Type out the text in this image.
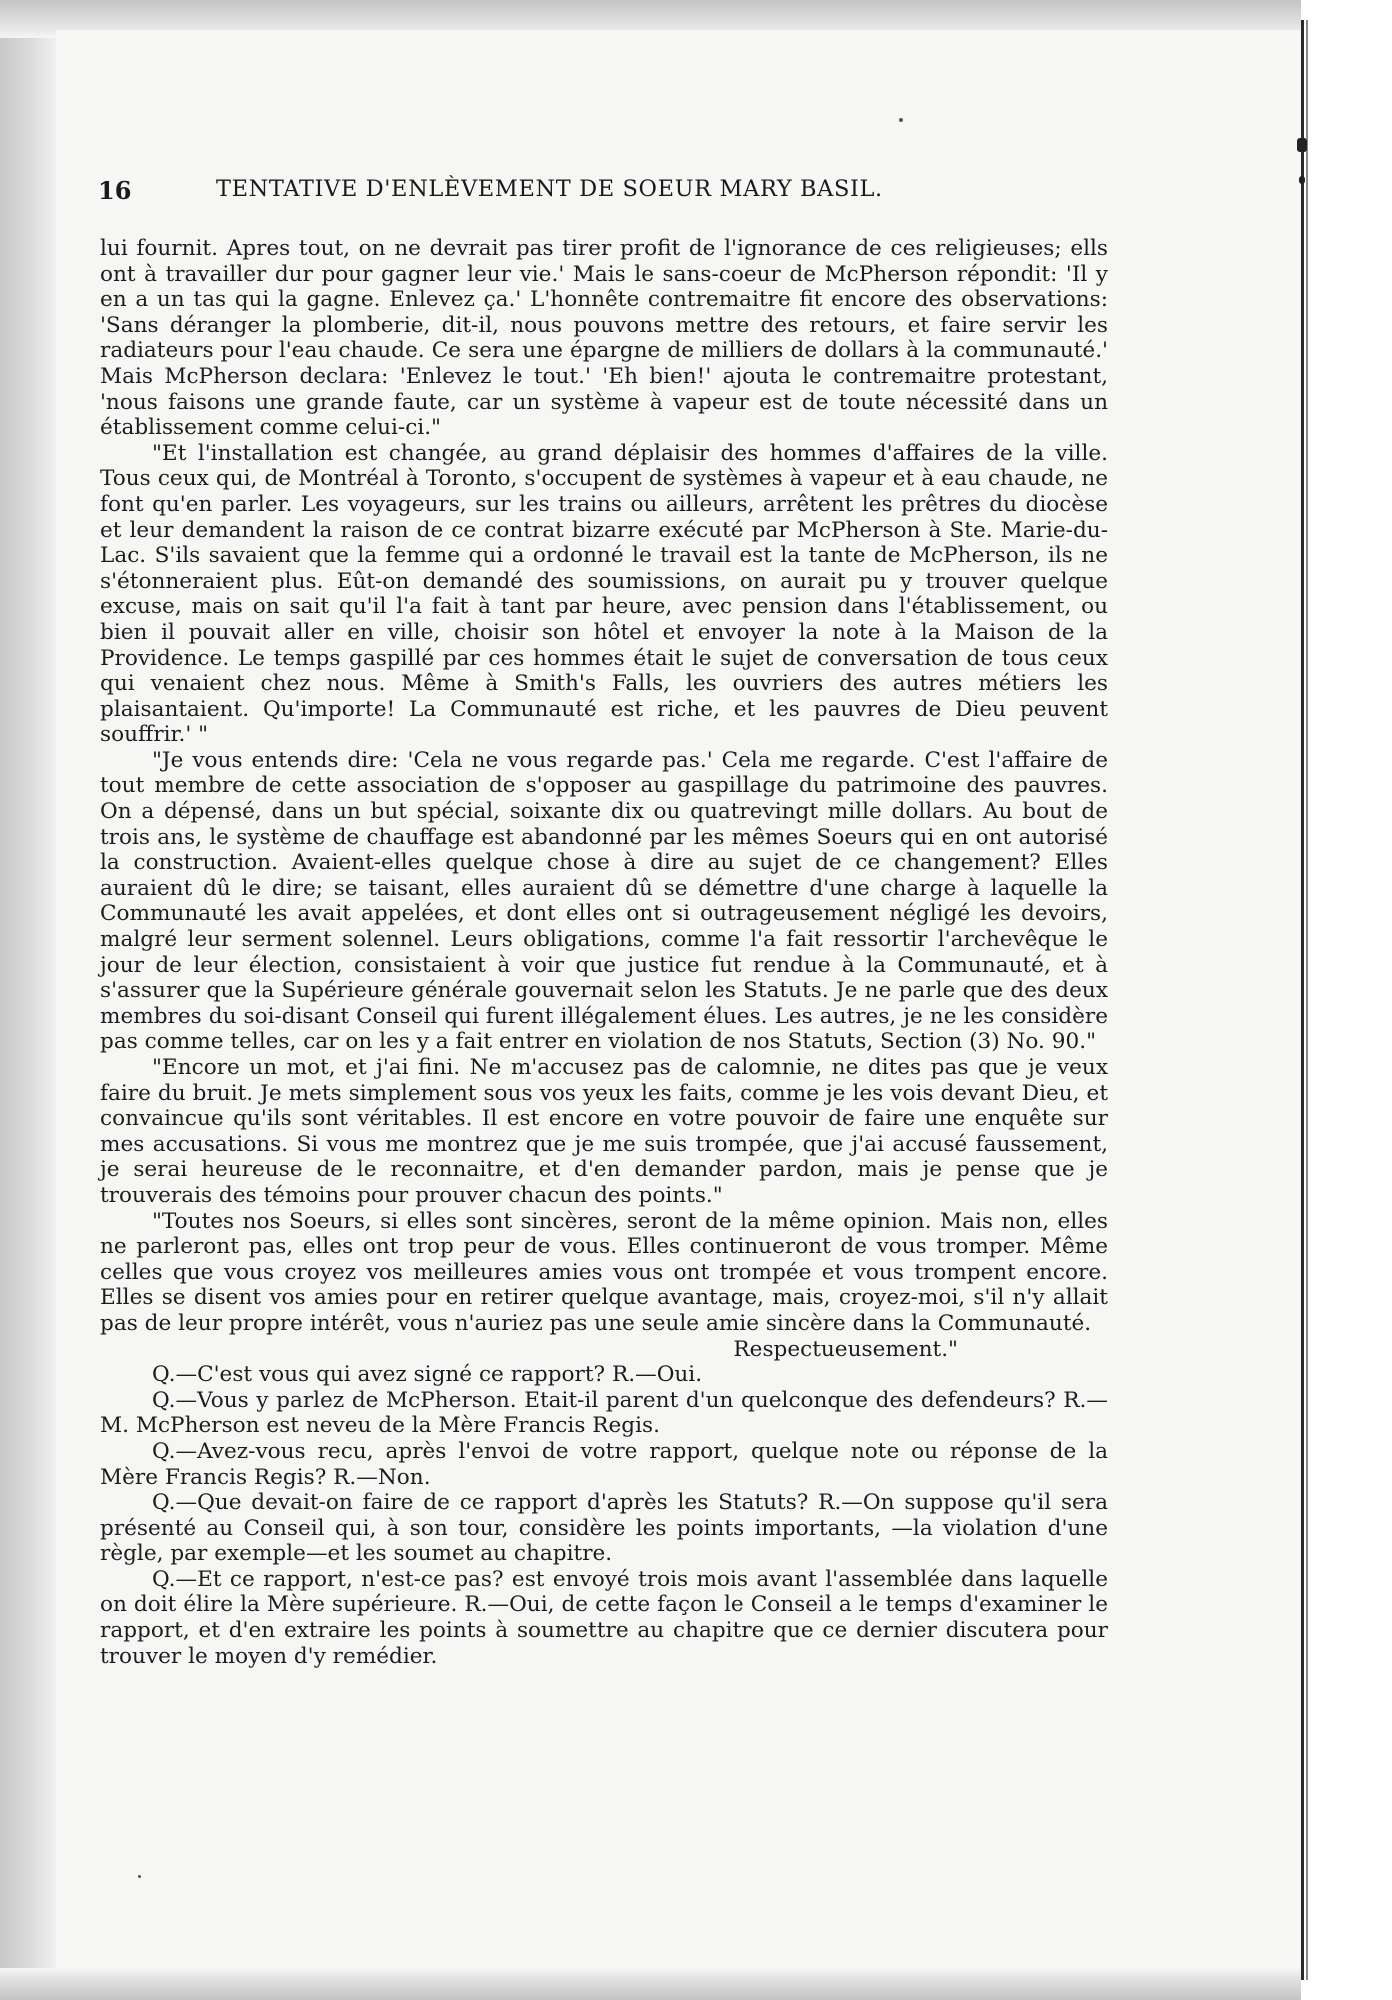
16	TENTATIVE D'ENLÈVEMENT DE SOEUR MARY BASIL.

lui fournit. Apres tout, on ne devrait pas tirer profit de l'ignorance de ces religieuses; ells ont à travailler dur pour gagner leur vie.' Mais le sans-coeur de McPherson répondit: 'Il y en a un tas qui la gagne. Enlevez ça.' L'honnête contremaitre fit encore des observations: 'Sans déranger la plomberie, dit-il, nous pouvons mettre des retours, et faire servir les radiateurs pour l'eau chaude. Ce sera une épargne de milliers de dollars à la communauté.' Mais McPherson declara: 'Enlevez le tout.' 'Eh bien!' ajouta le contremaitre protestant, 'nous faisons une grande faute, car un système à vapeur est de toute nécessité dans un établissement comme celui-ci."

"Et l'installation est changée, au grand déplaisir des hommes d'affaires de la ville. Tous ceux qui, de Montréal à Toronto, s'occupent de systèmes à vapeur et à eau chaude, ne font qu'en parler. Les voyageurs, sur les trains ou ailleurs, arrêtent les prêtres du diocèse et leur demandent la raison de ce contrat bizarre exécuté par McPherson à Ste. Marie-du-Lac. S'ils savaient que la femme qui a ordonné le travail est la tante de McPherson, ils ne s'étonneraient plus. Eût-on demandé des soumissions, on aurait pu y trouver quelque excuse, mais on sait qu'il l'a fait à tant par heure, avec pension dans l'établissement, ou bien il pouvait aller en ville, choisir son hôtel et envoyer la note à la Maison de la Providence. Le temps gaspillé par ces hommes était le sujet de conversation de tous ceux qui venaient chez nous. Même à Smith's Falls, les ouvriers des autres métiers les plaisantaient. Qu'importe! La Communauté est riche, et les pauvres de Dieu peuvent souffrir.' "

"Je vous entends dire: 'Cela ne vous regarde pas.' Cela me regarde. C'est l'affaire de tout membre de cette association de s'opposer au gaspillage du patrimoine des pauvres. On a dépensé, dans un but spécial, soixante dix ou quatrevingt mille dollars. Au bout de trois ans, le système de chauffage est abandonné par les mêmes Soeurs qui en ont autorisé la construction. Avaient-elles quelque chose à dire au sujet de ce changement? Elles auraient dû le dire; se taisant, elles auraient dû se démettre d'une charge à laquelle la Communauté les avait appelées, et dont elles ont si outrageusement négligé les devoirs, malgré leur serment solennel. Leurs obligations, comme l'a fait ressortir l'archevêque le jour de leur élection, consistaient à voir que justice fut rendue à la Communauté, et à s'assurer que la Supérieure générale gouvernait selon les Statuts. Je ne parle que des deux membres du soi-disant Conseil qui furent illégalement élues. Les autres, je ne les considère pas comme telles, car on les y a fait entrer en violation de nos Statuts, Section (3) No. 90."

"Encore un mot, et j'ai fini. Ne m'accusez pas de calomnie, ne dites pas que je veux faire du bruit. Je mets simplement sous vos yeux les faits, comme je les vois devant Dieu, et convaincue qu'ils sont véritables. Il est encore en votre pouvoir de faire une enquête sur mes accusations. Si vous me montrez que je me suis trompée, que j'ai accusé faussement, je serai heureuse de le reconnaitre, et d'en demander pardon, mais je pense que je trouverais des témoins pour prouver chacun des points."

"Toutes nos Soeurs, si elles sont sincères, seront de la même opinion. Mais non, elles ne parleront pas, elles ont trop peur de vous. Elles continueront de vous tromper. Même celles que vous croyez vos meilleures amies vous ont trompée et vous trompent encore. Elles se disent vos amies pour en retirer quelque avantage, mais, croyez-moi, s'il n'y allait pas de leur propre intérêt, vous n'auriez pas une seule amie sincère dans la Communauté.

Respectueusement."

Q.—C'est vous qui avez signé ce rapport? R.—Oui.

Q.—Vous y parlez de McPherson. Etait-il parent d'un quelconque des defendeurs? R.—M. McPherson est neveu de la Mère Francis Regis.

Q.—Avez-vous recu, après l'envoi de votre rapport, quelque note ou réponse de la Mère Francis Regis? R.—Non.

Q.—Que devait-on faire de ce rapport d'après les Statuts? R.—On suppose qu'il sera présenté au Conseil qui, à son tour, considère les points importants, —la violation d'une règle, par exemple—et les soumet au chapitre.

Q.—Et ce rapport, n'est-ce pas? est envoyé trois mois avant l'assemblée dans laquelle on doit élire la Mère supérieure. R.—Oui, de cette façon le Conseil a le temps d'examiner le rapport, et d'en extraire les points à soumettre au chapitre que ce dernier discutera pour trouver le moyen d'y remédier.
